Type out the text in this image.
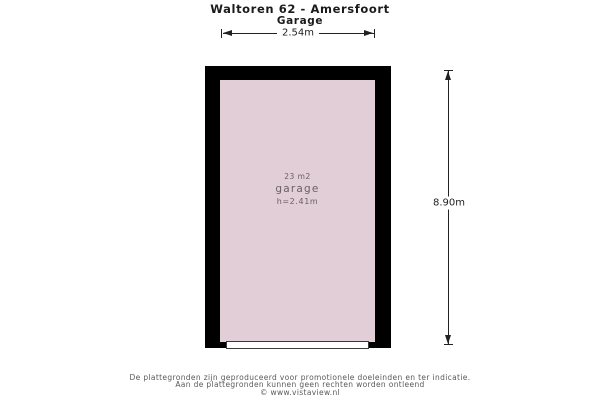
Waltoren 62 - Amersfoort
Garage
2.54m
23 m2
garage
h=2.41m	8.90m
De plattegronden zijn geproduceerd voor promotionele doeleinden en ter indicatie.
Aan de plattegronden kunnen geen rechten worden ontleend
© www.vistaview.nl
